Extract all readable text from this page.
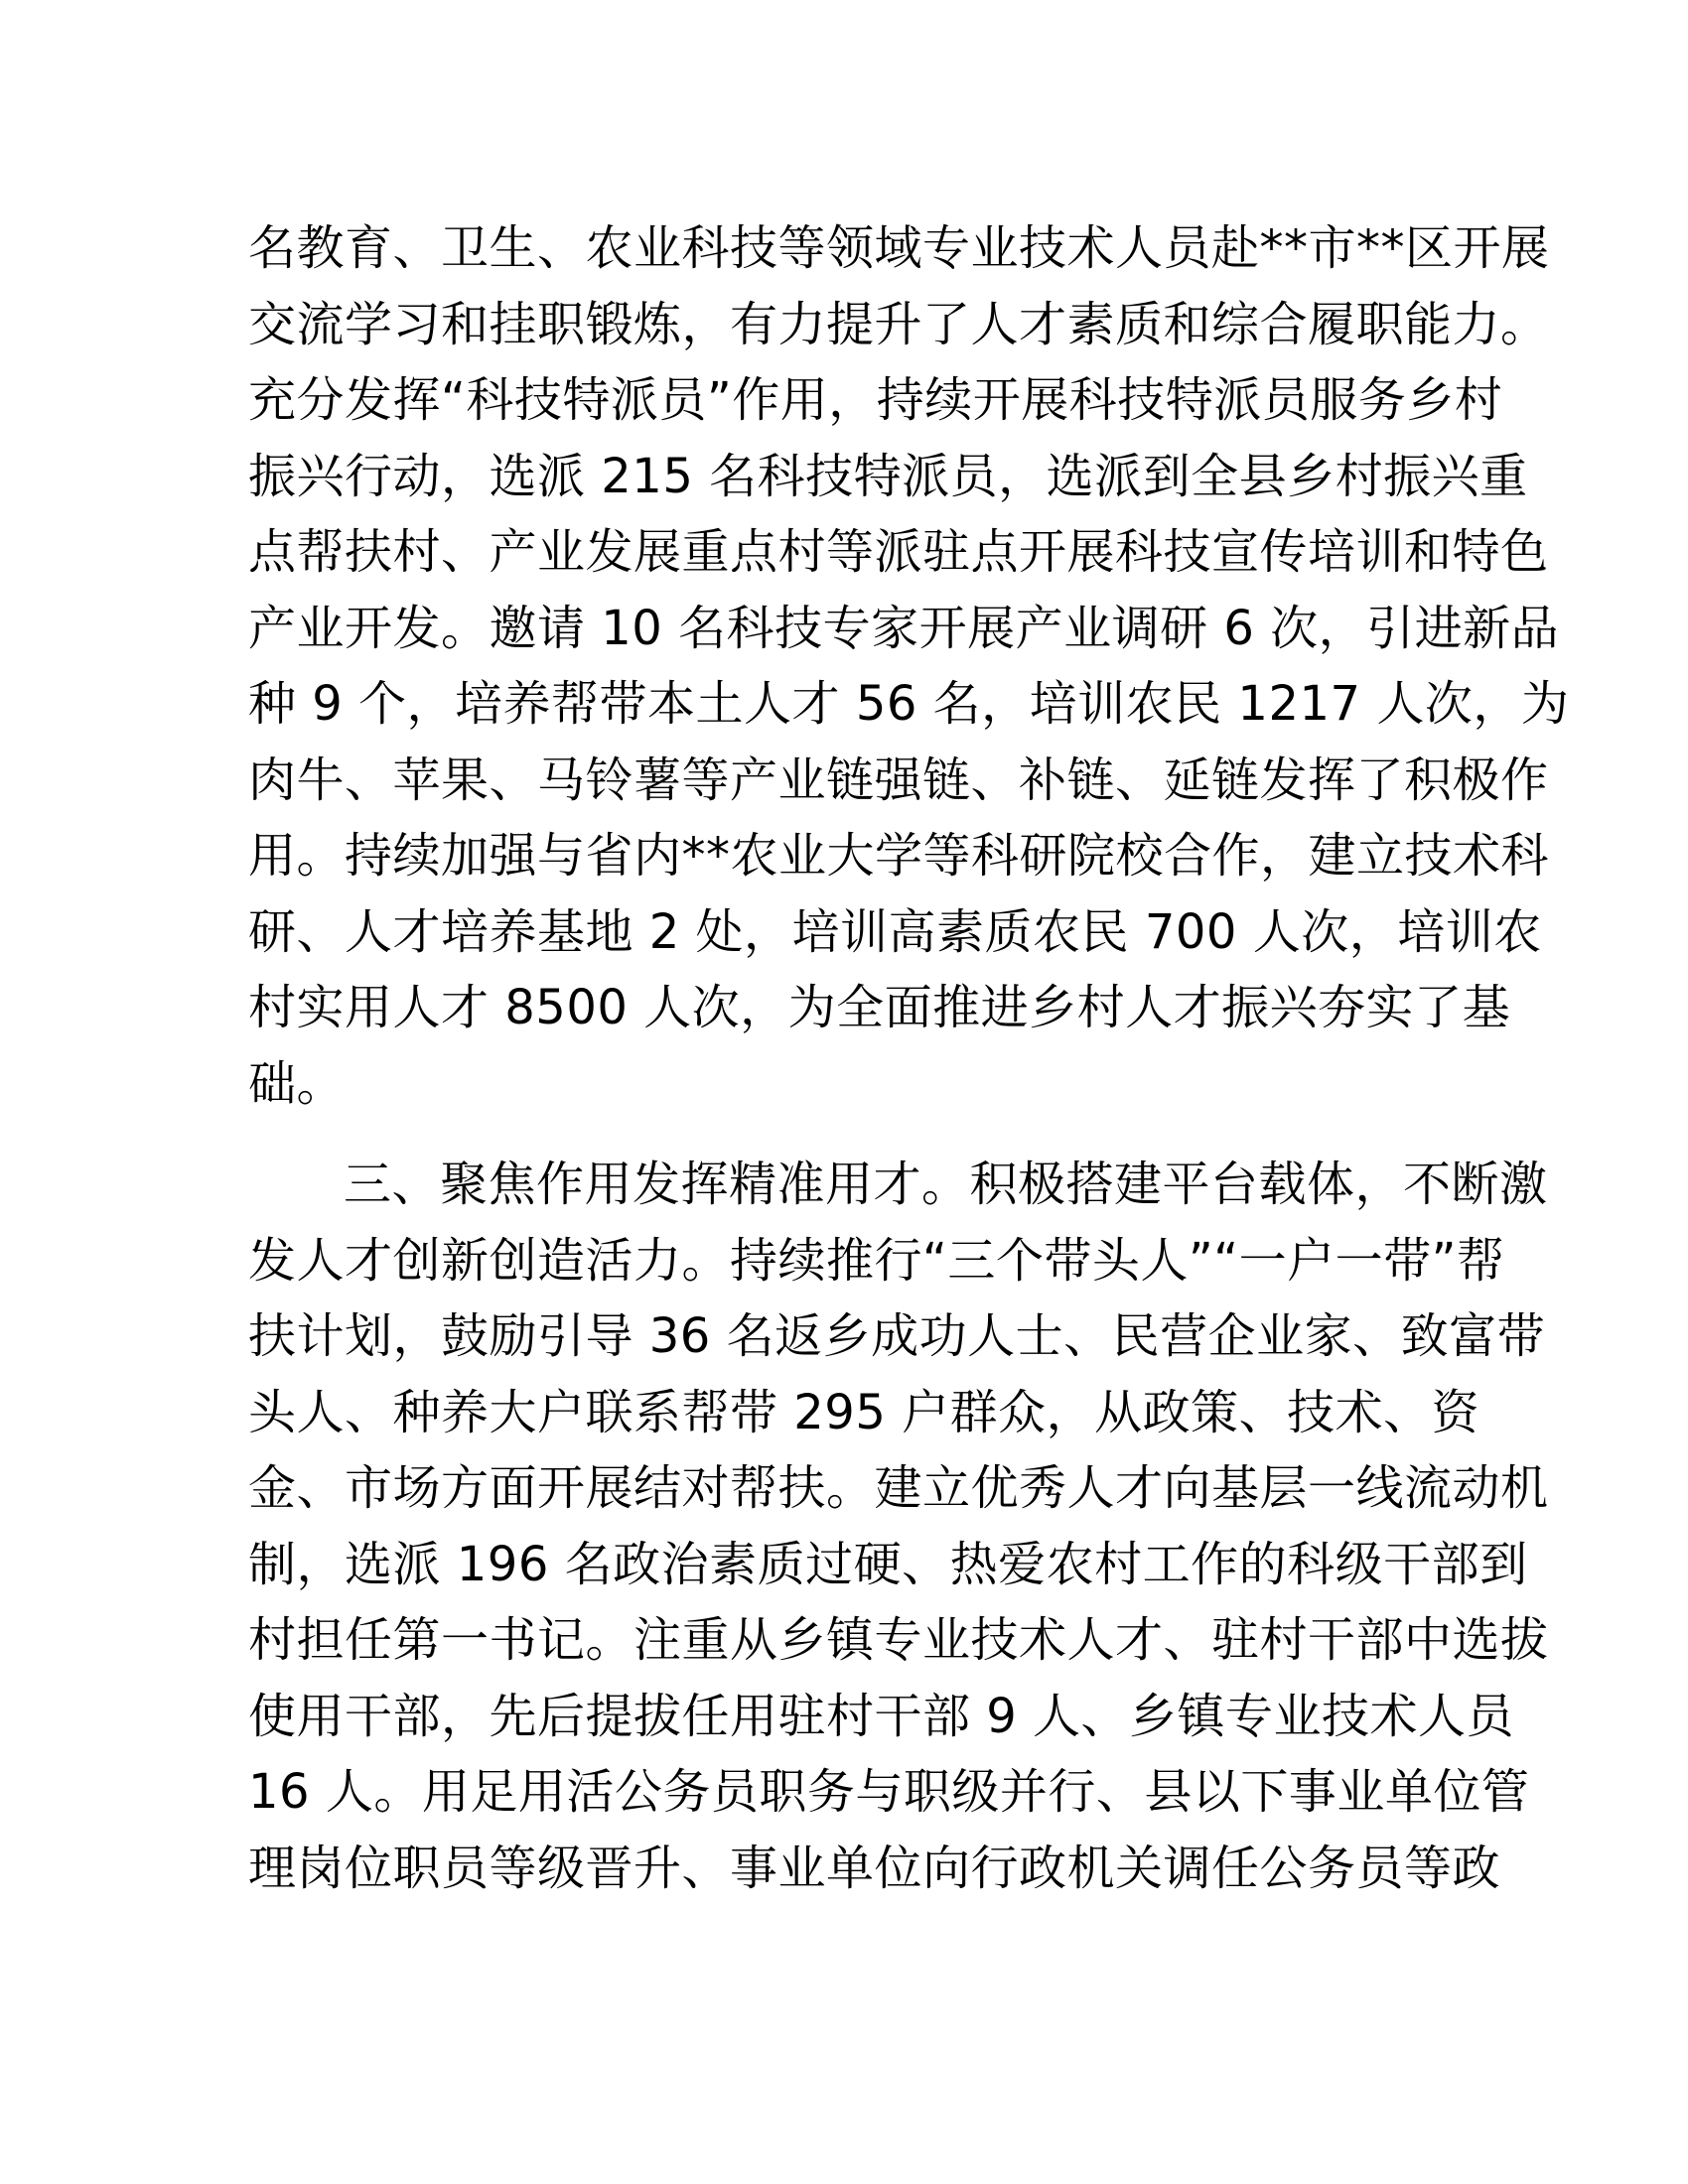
名教育、卫生、农业科技等领域专业技术人员赴**市**区开展
交流学习和挂职锻炼，有力提升了人才素质和综合履职能力。
充分发挥“科技特派员”作用，持续开展科技特派员服务乡村
振兴行动，选派 215 名科技特派员，选派到全县乡村振兴重
点帮扶村、产业发展重点村等派驻点开展科技宣传培训和特色
产业开发。邀请 10 名科技专家开展产业调研 6 次，引进新品
种 9 个，培养帮带本土人才 56 名，培训农民 1217 人次，为
肉牛、苹果、马铃薯等产业链强链、补链、延链发挥了积极作
用。持续加强与省内**农业大学等科研院校合作，建立技术科
研、人才培养基地 2 处，培训高素质农民 700 人次，培训农
村实用人才 8500 人次，为全面推进乡村人才振兴夯实了基
础。

三、聚焦作用发挥精准用才。积极搭建平台载体，不断激
发人才创新创造活力。持续推行“三个带头人”“一户一带”帮
扶计划，鼓励引导 36 名返乡成功人士、民营企业家、致富带
头人、种养大户联系帮带 295 户群众，从政策、技术、资
金、市场方面开展结对帮扶。建立优秀人才向基层一线流动机
制，选派 196 名政治素质过硬、热爱农村工作的科级干部到
村担任第一书记。注重从乡镇专业技术人才、驻村干部中选拔
使用干部，先后提拔任用驻村干部 9 人、乡镇专业技术人员
16 人。用足用活公务员职务与职级并行、县以下事业单位管
理岗位职员等级晋升、事业单位向行政机关调任公务员等政
